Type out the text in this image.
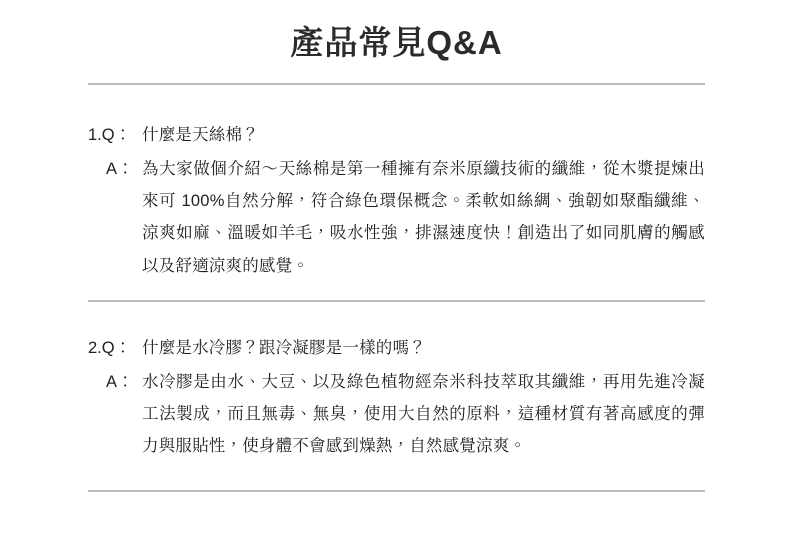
產品常見Q&A
1.Q： 什麼是天絲棉？
A： 為大家做個介紹～天絲棉是第一種擁有奈米原纖技術的纖維，從木漿提煉出來可 100%自然分解，符合綠色環保概念。柔軟如絲綢、強韌如聚酯纖維、涼爽如麻、溫暖如羊毛，吸水性強，排濕速度快！創造出了如同肌膚的觸感以及舒適涼爽的感覺。
2.Q： 什麼是水冷膠？跟冷凝膠是一樣的嗎？
A： 水冷膠是由水、大豆、以及綠色植物經奈米科技萃取其纖維，再用先進冷凝工法製成，而且無毒、無臭，使用大自然的原料，這種材質有著高感度的彈力與服貼性，使身體不會感到燥熱，自然感覺涼爽。
